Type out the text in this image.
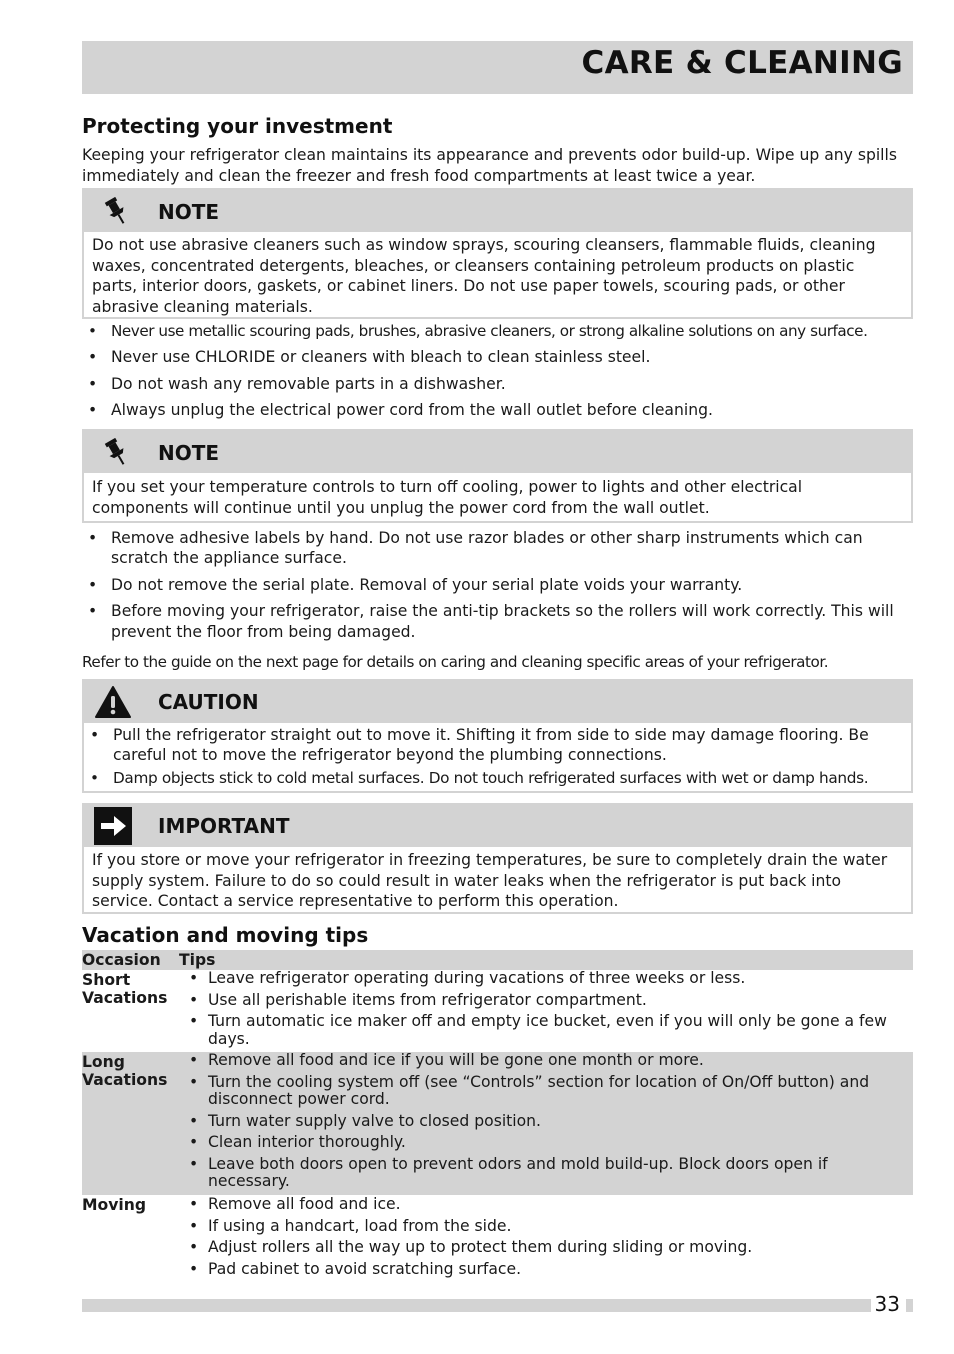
CARE & CLEANING
Protecting your investment
Keeping your refrigerator clean maintains its appearance and prevents odor build-up. Wipe up any spills immediately and clean the freezer and fresh food compartments at least twice a year.
NOTE
Do not use abrasive cleaners such as window sprays, scouring cleansers, flammable fluids, cleaning waxes, concentrated detergents, bleaches, or cleansers containing petroleum products on plastic parts, interior doors, gaskets, or cabinet liners. Do not use paper towels, scouring pads, or other abrasive cleaning materials.
• Never use metallic scouring pads, brushes, abrasive cleaners, or strong alkaline solutions on any surface.
• Never use CHLORIDE or cleaners with bleach to clean stainless steel.
• Do not wash any removable parts in a dishwasher.
• Always unplug the electrical power cord from the wall outlet before cleaning.
NOTE
If you set your temperature controls to turn off cooling, power to lights and other electrical components will continue until you unplug the power cord from the wall outlet.
• Remove adhesive labels by hand. Do not use razor blades or other sharp instruments which can scratch the appliance surface.
• Do not remove the serial plate. Removal of your serial plate voids your warranty.
• Before moving your refrigerator, raise the anti-tip brackets so the rollers will work correctly. This will prevent the floor from being damaged.
Refer to the guide on the next page for details on caring and cleaning specific areas of your refrigerator.
CAUTION
• Pull the refrigerator straight out to move it. Shifting it from side to side may damage flooring. Be careful not to move the refrigerator beyond the plumbing connections.
• Damp objects stick to cold metal surfaces. Do not touch refrigerated surfaces with wet or damp hands.
IMPORTANT
If you store or move your refrigerator in freezing temperatures, be sure to completely drain the water supply system. Failure to do so could result in water leaks when the refrigerator is put back into service. Contact a service representative to perform this operation.
Vacation and moving tips
Occasion Tips
Short
Vacations
• Leave refrigerator operating during vacations of three weeks or less.
• Use all perishable items from refrigerator compartment.
• Turn automatic ice maker off and empty ice bucket, even if you will only be gone a few days.
Long
Vacations
• Remove all food and ice if you will be gone one month or more.
• Turn the cooling system off (see “Controls” section for location of On/Off button) and disconnect power cord.
• Turn water supply valve to closed position.
• Clean interior thoroughly.
• Leave both doors open to prevent odors and mold build-up. Block doors open if necessary.
Moving
•	Remove all food and ice.
• If using a handcart, load from the side.
• Adjust rollers all the way up to protect them during sliding or moving.
• Pad cabinet to avoid scratching surface.
33
